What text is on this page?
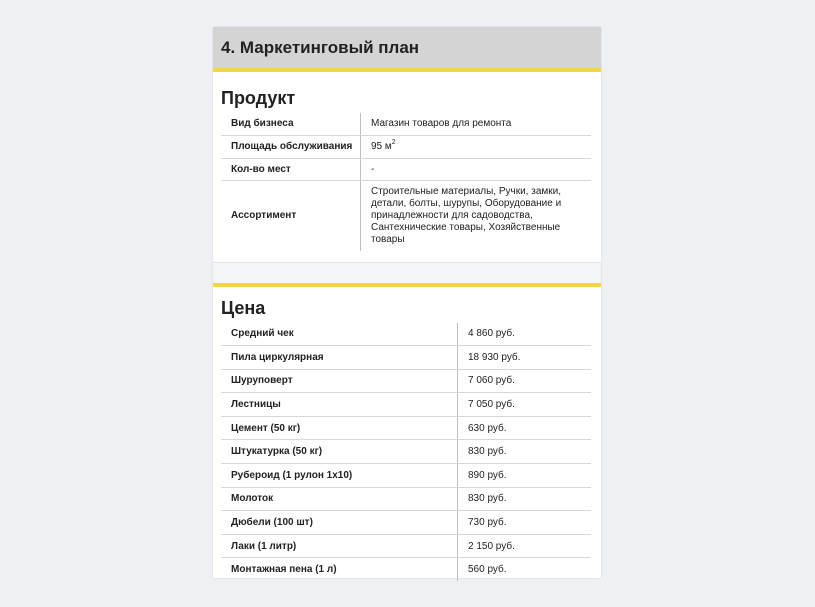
4. Маркетинговый план
Продукт
Вид бизнеса	Магазин товаров для ремонта
Площадь обслуживания	95 $м^2$
Кол-во мест	-
Ассортимент	Строительные материалы, Ручки, замки, детали, болты, шурупы, Оборудование и принадлежности для садоводства, Сантехнические товары, Хозяйственные товары
Цена
Средний чек	4 860 руб.
Пила циркулярная	18 930 руб.
Шуруповерт	7 060 руб.
Лестницы	7 050 руб.
Цемент (50 кг)	630 руб.
Штукатурка (50 кг)	830 руб.
Рубероид (1 рулон 1x10)	890 руб.
Молоток	830 руб.
Дюбели (100 шт)	730 руб.
Лаки (1 литр)	2 150 руб.
Монтажная пена (1 л)	560 руб.
